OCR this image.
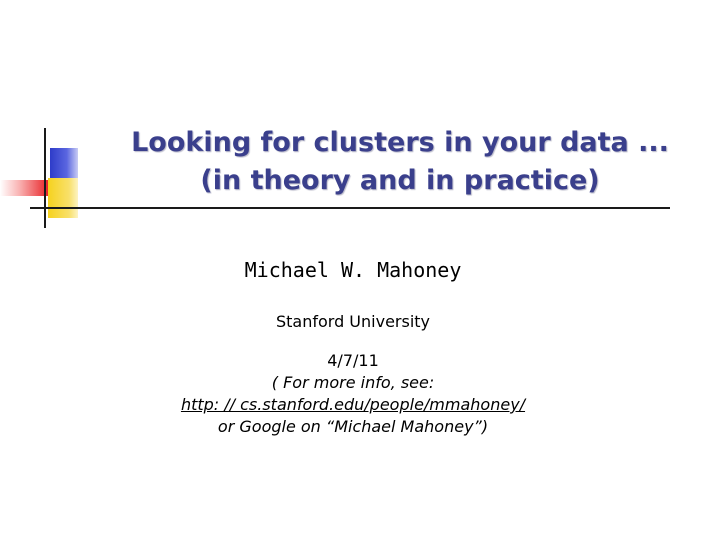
Looking for clusters in your data ...
(in theory and in practice)
Michael W. Mahoney
Stanford University
4/7/11
( For more info, see:
http: // cs.stanford.edu/people/mmahoney/
or Google on “Michael Mahoney”)
